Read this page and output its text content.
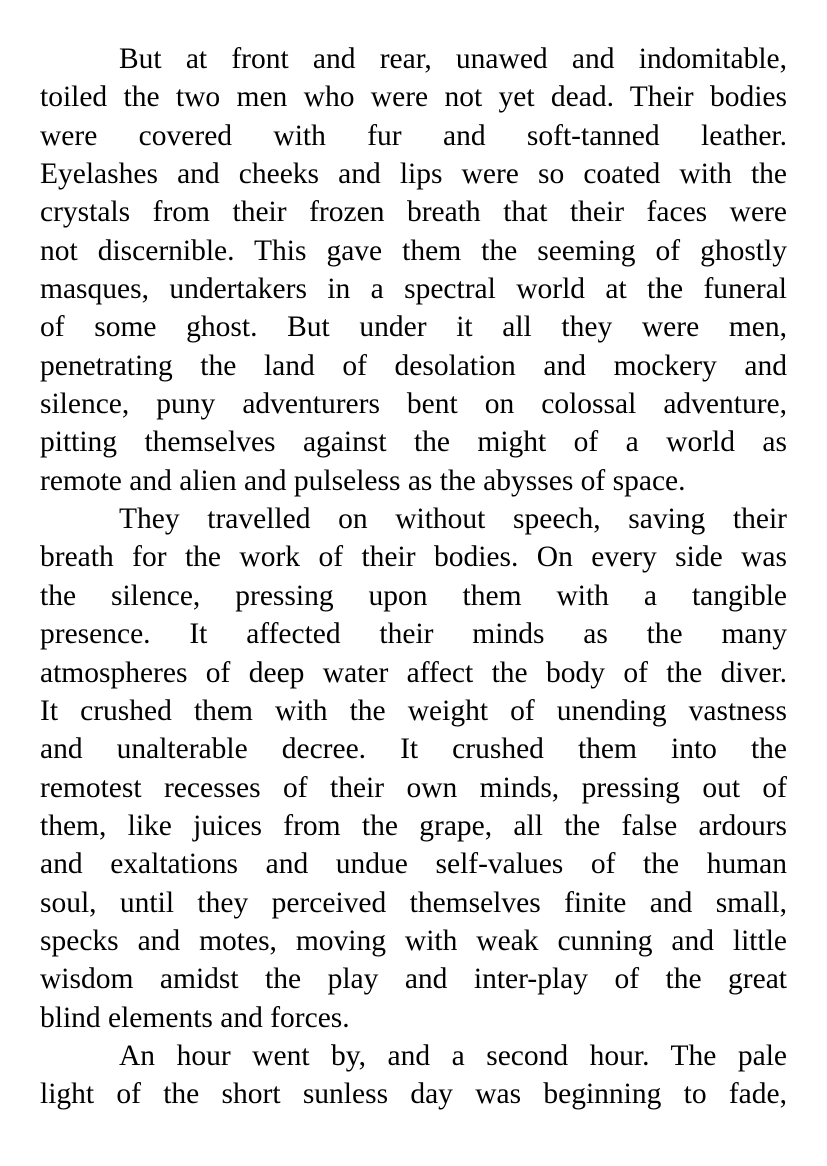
But at front and rear, unawed and indomitable,
toiled the two men who were not yet dead. Their bodies
were covered with fur and soft-tanned leather.
Eyelashes and cheeks and lips were so coated with the
crystals from their frozen breath that their faces were
not discernible. This gave them the seeming of ghostly
masques, undertakers in a spectral world at the funeral
of some ghost. But under it all they were men,
penetrating the land of desolation and mockery and
silence, puny adventurers bent on colossal adventure,
pitting themselves against the might of a world as
remote and alien and pulseless as the abysses of space.
They travelled on without speech, saving their
breath for the work of their bodies. On every side was
the silence, pressing upon them with a tangible
presence. It affected their minds as the many
atmospheres of deep water affect the body of the diver.
It crushed them with the weight of unending vastness
and unalterable decree. It crushed them into the
remotest recesses of their own minds, pressing out of
them, like juices from the grape, all the false ardours
and exaltations and undue self-values of the human
soul, until they perceived themselves finite and small,
specks and motes, moving with weak cunning and little
wisdom amidst the play and inter-play of the great
blind elements and forces.
An hour went by, and a second hour. The pale
light of the short sunless day was beginning to fade,
